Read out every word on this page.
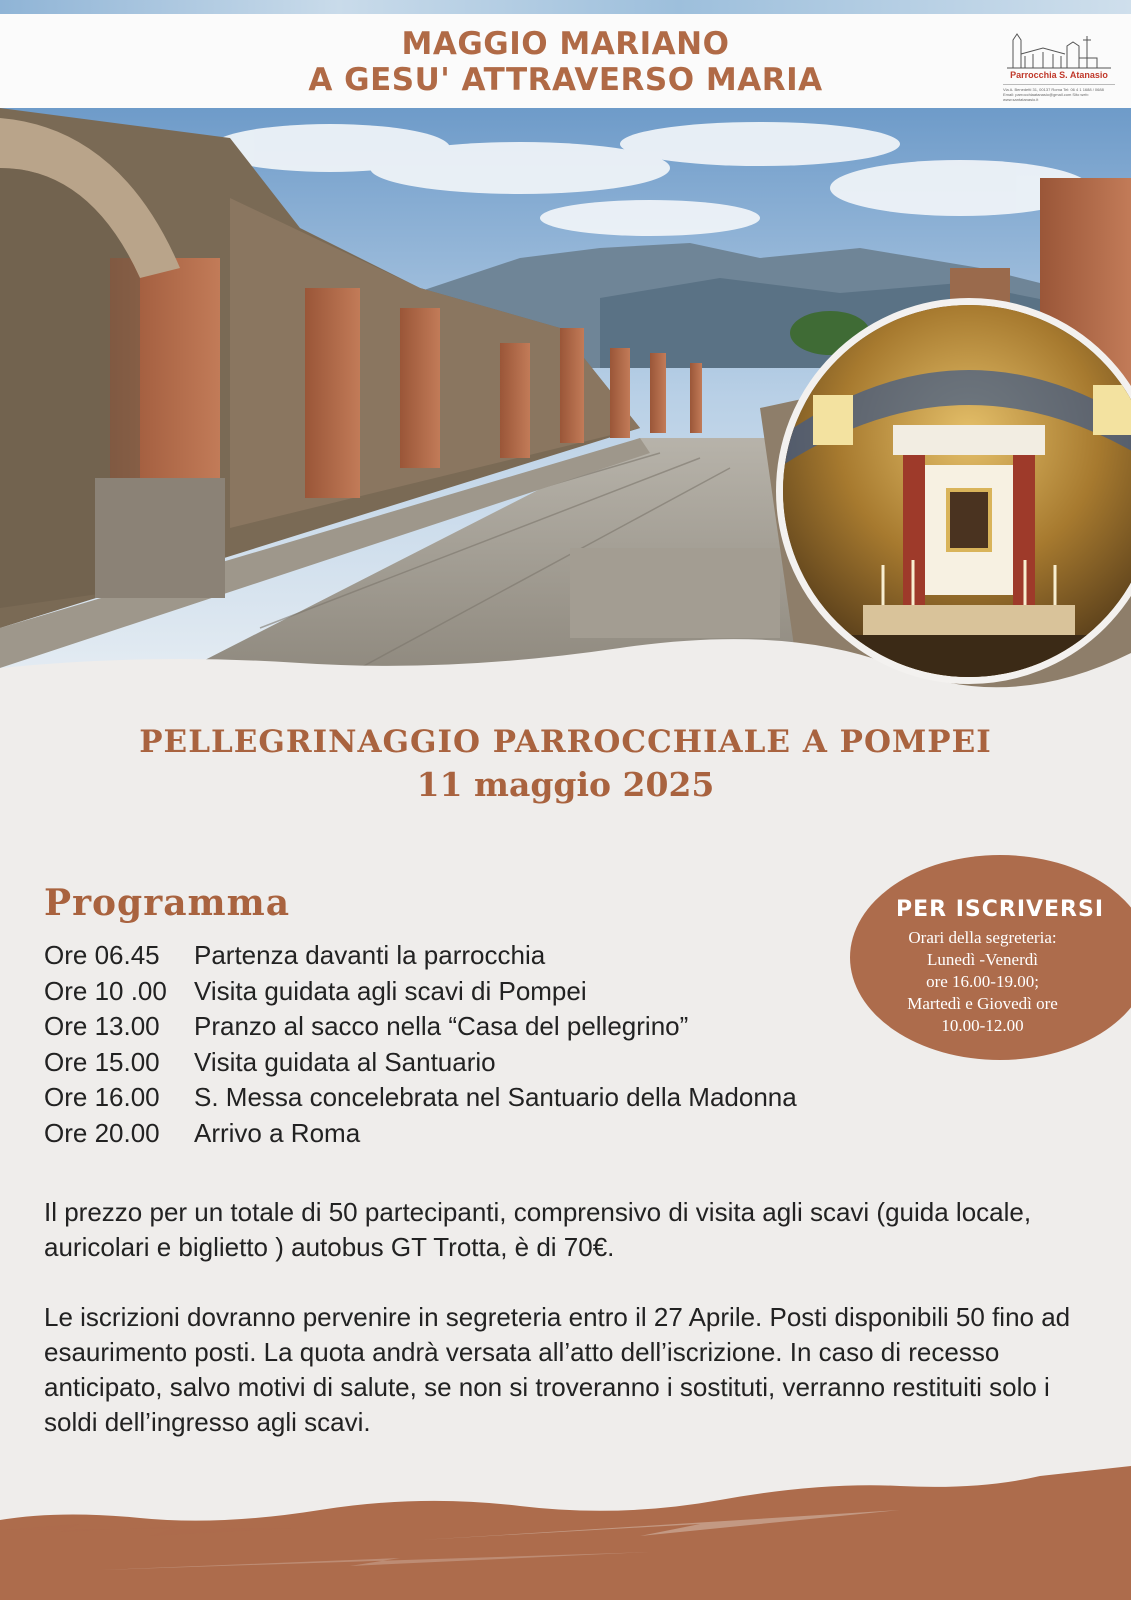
MAGGIO MARIANO
A GESU' ATTRAVERSO MARIA	Parrocchia S. Atanasio
Via A. Benedetti 31, 00137 Roma Tel: 06 4 1 1688 / 0688 Email: parrocchiaatanasio@gmail.com Sito web: www.santatanasio.it
PELLEGRINAGGIO PARROCCHIALE A POMPEI
11 maggio 2025
Programma
Ore 06.45 Partenza davanti la parrocchia
Ore 10 .00 Visita guidata agli scavi di Pompei
Ore 13.00 Pranzo al sacco nella “Casa del pellegrino”
Ore 15.00 Visita guidata al Santuario
Ore 16.00 S. Messa concelebrata nel Santuario della Madonna
Ore 20.00 Arrivo a Roma
PER ISCRIVERSI
Orari della segreteria:
Lunedì -Venerdì
ore 16.00-19.00;
Martedì e Giovedì ore
10.00-12.00
Il prezzo per un totale di 50 partecipanti, comprensivo di visita agli scavi (guida locale, auricolari e biglietto ) autobus GT Trotta, è di 70€.
Le iscrizioni dovranno pervenire in segreteria entro il 27 Aprile. Posti disponibili 50 fino ad esaurimento posti. La quota andrà versata all’atto dell’iscrizione. In caso di recesso anticipato, salvo motivi di salute, se non si troveranno i sostituti, verranno restituiti solo i soldi dell’ingresso agli scavi.
